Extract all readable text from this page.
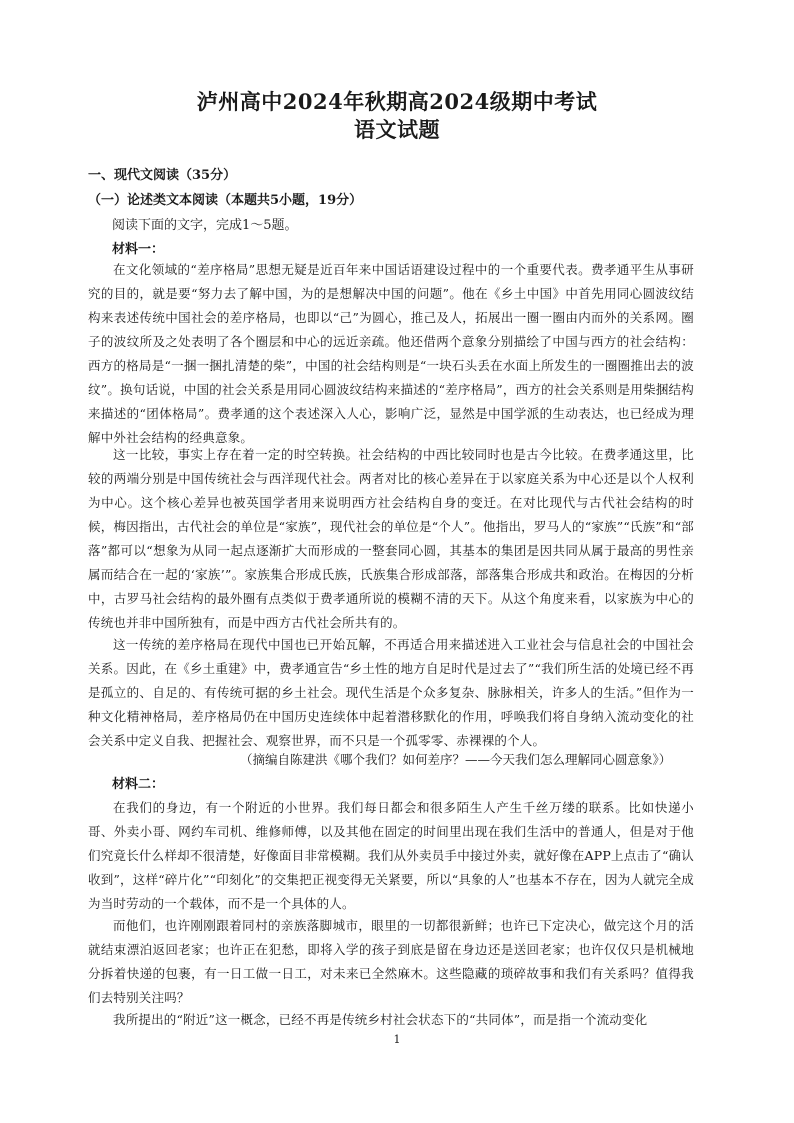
泸州高中2024年秋期高2024级期中考试
语文试题
一、现代文阅读（35分）
（一）论述类文本阅读（本题共5小题，19分）
阅读下面的文字，完成1～5题。
材料一：
在文化领域的“差序格局”思想无疑是近百年来中国话语建设过程中的一个重要代表。费孝通平生从事研究的目的，就是要“努力去了解中国，为的是想解决中国的问题”。他在《乡土中国》中首先用同心圆波纹结构来表述传统中国社会的差序格局，也即以“己”为圆心，推己及人，拓展出一圈一圈由内而外的关系网。圈子的波纹所及之处表明了各个圈层和中心的远近亲疏。他还借两个意象分别描绘了中国与西方的社会结构：西方的格局是“一捆一捆扎清楚的柴”，中国的社会结构则是“一块石头丢在水面上所发生的一圈圈推出去的波纹”。换句话说，中国的社会关系是用同心圆波纹结构来描述的“差序格局”，西方的社会关系则是用柴捆结构来描述的“团体格局”。费孝通的这个表述深入人心，影响广泛，显然是中国学派的生动表达，也已经成为理解中外社会结构的经典意象。
这一比较，事实上存在着一定的时空转换。社会结构的中西比较同时也是古今比较。在费孝通这里，比较的两端分别是中国传统社会与西洋现代社会。两者对比的核心差异在于以家庭关系为中心还是以个人权利为中心。这个核心差异也被英国学者用来说明西方社会结构自身的变迁。在对比现代与古代社会结构的时候，梅因指出，古代社会的单位是“家族”，现代社会的单位是“个人”。他指出，罗马人的“家族”“氏族”和“部落”都可以“想象为从同一起点逐渐扩大而形成的一整套同心圆，其基本的集团是因共同从属于最高的男性亲属而结合在一起的‘家族’”。家族集合形成氏族，氏族集合形成部落，部落集合形成共和政治。在梅因的分析中，古罗马社会结构的最外圈有点类似于费孝通所说的模糊不清的天下。从这个角度来看，以家族为中心的传统也并非中国所独有，而是中西方古代社会所共有的。
这一传统的差序格局在现代中国也已开始瓦解，不再适合用来描述进入工业社会与信息社会的中国社会关系。因此，在《乡土重建》中，费孝通宣告“乡土性的地方自足时代是过去了”“我们所生活的处境已经不再是孤立的、自足的、有传统可据的乡土社会。现代生活是个众多复杂、脉脉相关，许多人的生活。”但作为一种文化精神格局，差序格局仍在中国历史连续体中起着潜移默化的作用，呼唤我们将自身纳入流动变化的社会关系中定义自我、把握社会、观察世界，而不只是一个孤零零、赤裸裸的个人。
（摘编自陈建洪《哪个我们？如何差序？——今天我们怎么理解同心圆意象》）
材料二：
在我们的身边，有一个附近的小世界。我们每日都会和很多陌生人产生千丝万缕的联系。比如快递小哥、外卖小哥、网约车司机、维修师傅，以及其他在固定的时间里出现在我们生活中的普通人，但是对于他们究竟长什么样却不很清楚，好像面目非常模糊。我们从外卖员手中接过外卖，就好像在APP上点击了“确认收到”，这样“碎片化”“印刻化”的交集把正视变得无关紧要，所以“具象的人”也基本不存在，因为人就完全成为当时劳动的一个载体，而不是一个具体的人。
而他们，也许刚刚跟着同村的亲族落脚城市，眼里的一切都很新鲜；也许已下定决心，做完这个月的活就结束漂泊返回老家；也许正在犯愁，即将入学的孩子到底是留在身边还是送回老家；也许仅仅只是机械地分拆着快递的包裹，有一日工做一日工，对未来已全然麻木。这些隐藏的琐碎故事和我们有关系吗？值得我们去特别关注吗？
我所提出的“附近”这一概念，已经不再是传统乡村社会状态下的“共同体”，而是指一个流动变化
1
